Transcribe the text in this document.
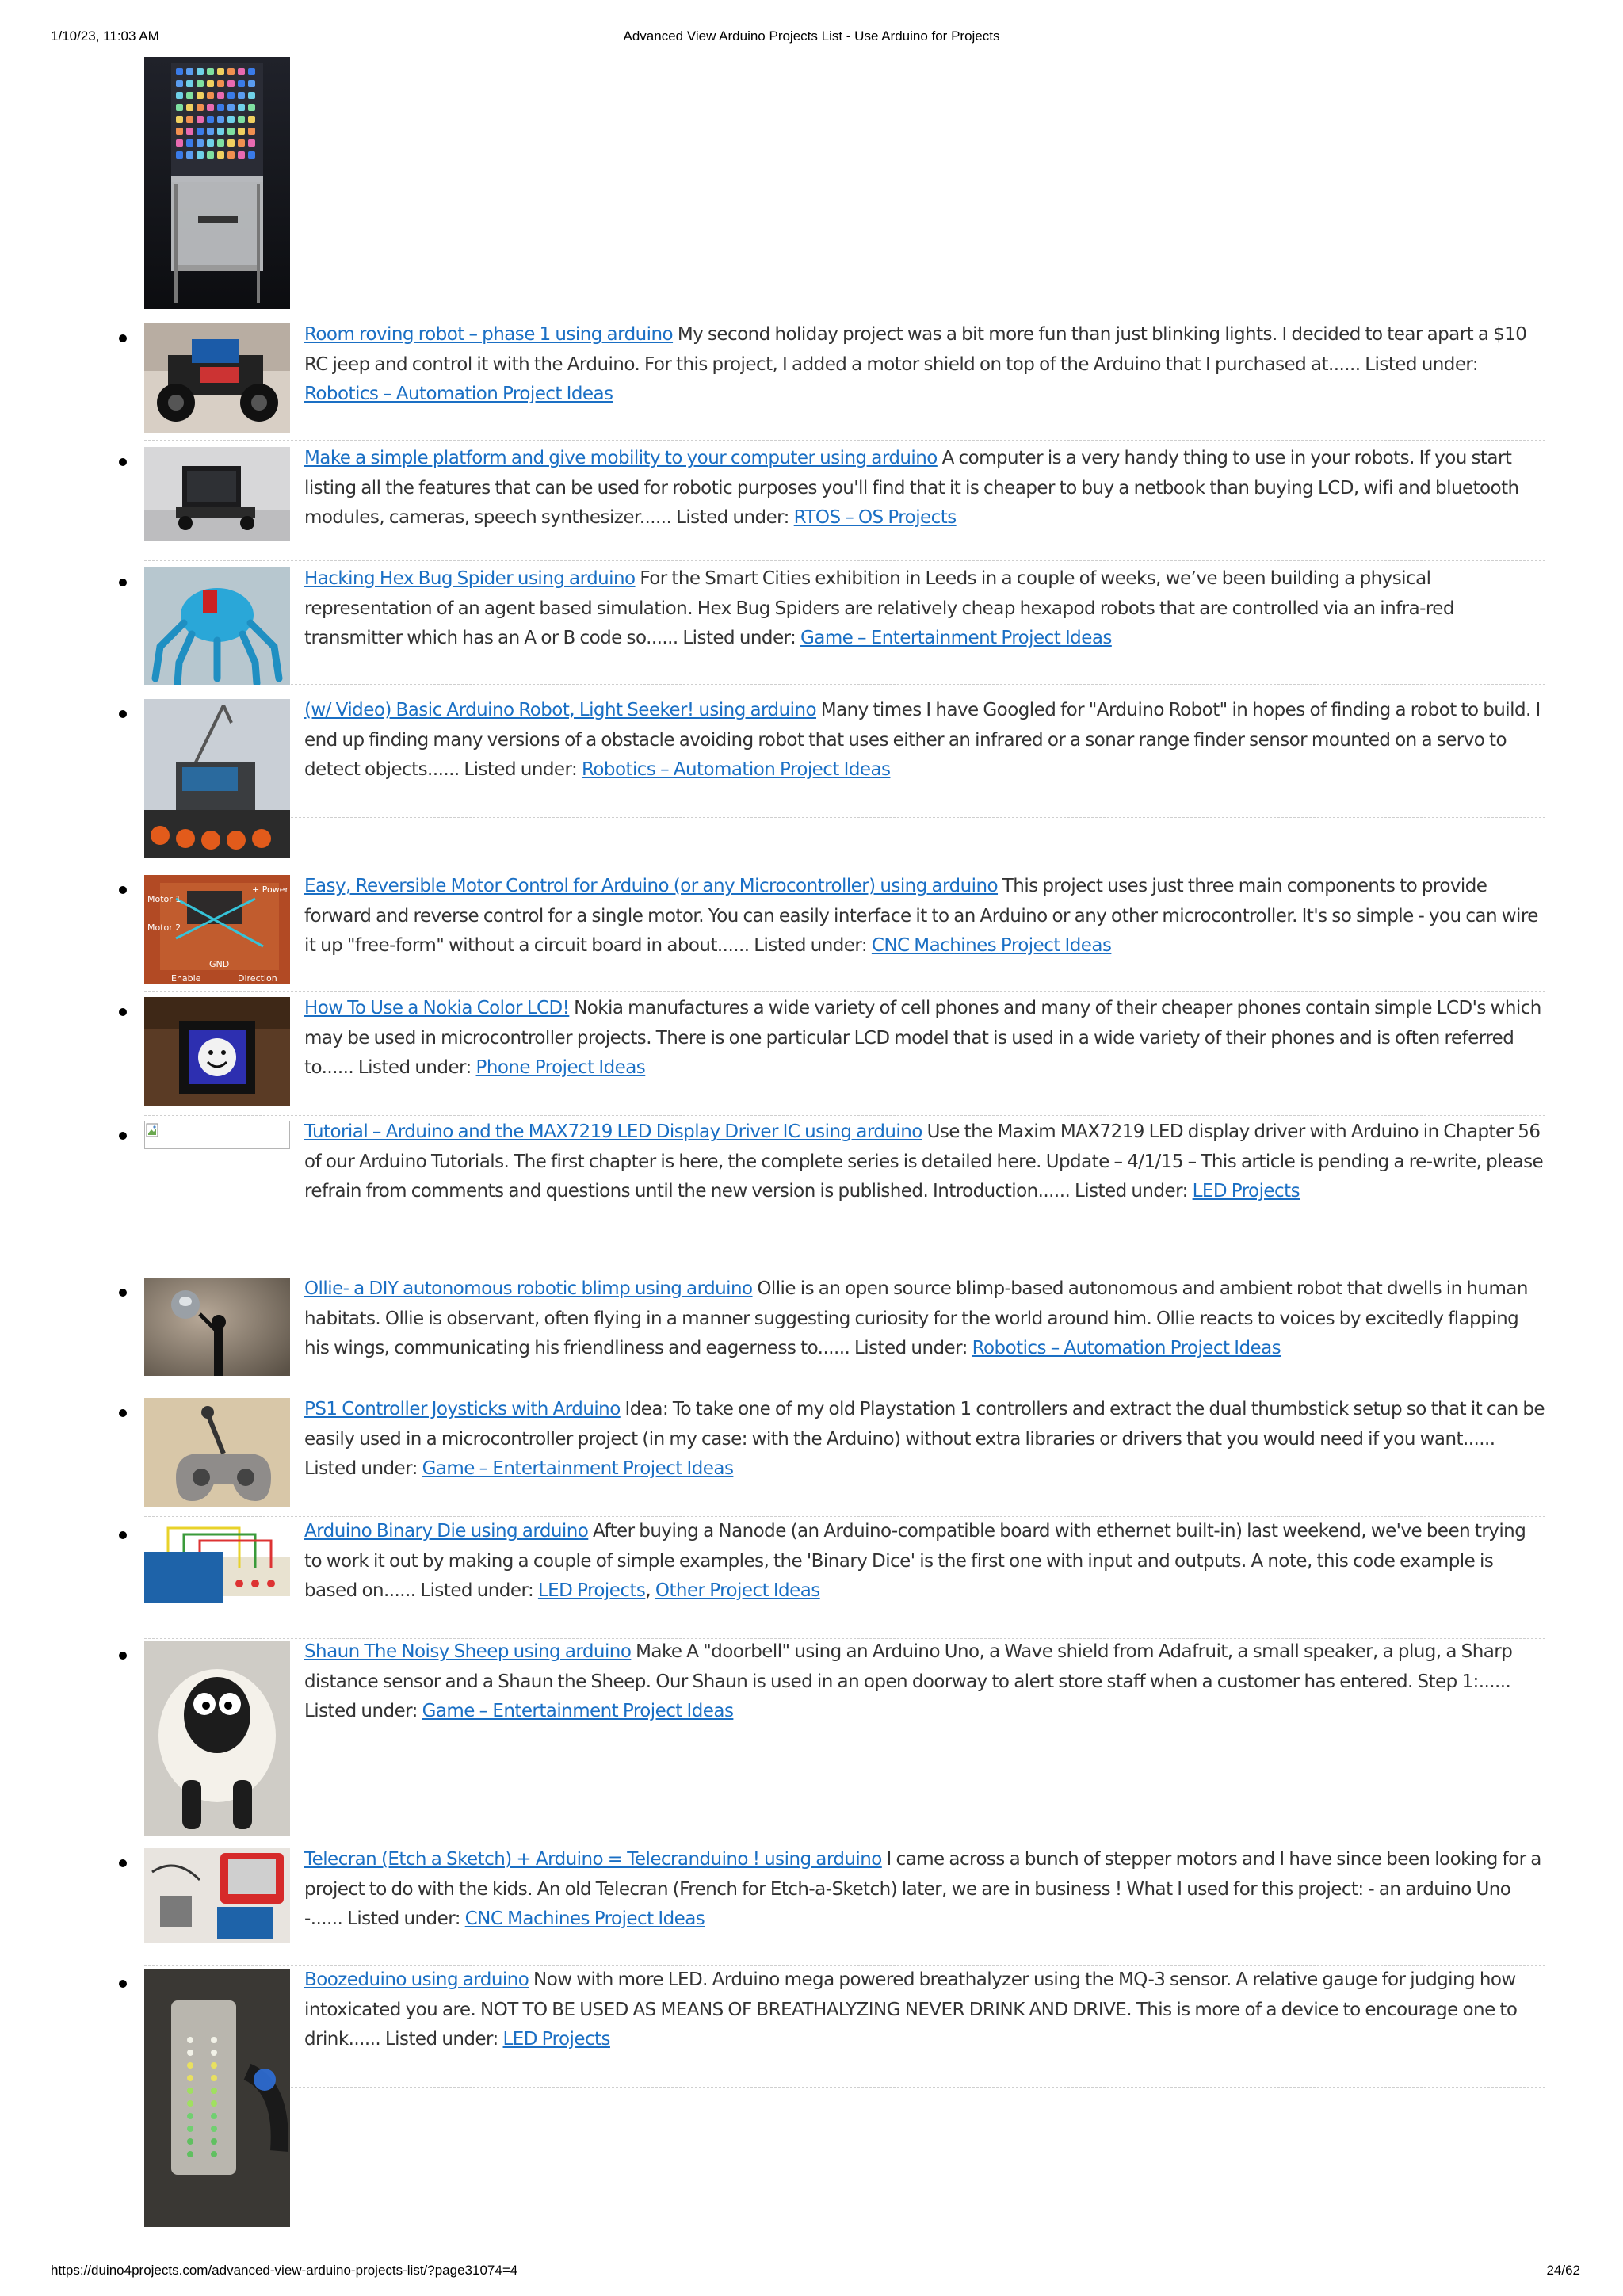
1/10/23, 11:03 AM	Advanced View Arduino Projects List - Use Arduino for Projects
Room roving robot – phase 1 using arduino My second holiday project was a bit more fun than just blinking lights. I decided to tear apart a $10 RC jeep and control it with the Arduino. For this project, I added a motor shield on top of the Arduino that I purchased at...... Listed under: Robotics – Automation Project Ideas
Make a simple platform and give mobility to your computer using arduino A computer is a very handy thing to use in your robots. If you start listing all the features that can be used for robotic purposes you'll find that it is cheaper to buy a netbook than buying LCD, wifi and bluetooth modules, cameras, speech synthesizer...... Listed under: RTOS – OS Projects
Hacking Hex Bug Spider using arduino For the Smart Cities exhibition in Leeds in a couple of weeks, we’ve been building a physical representation of an agent based simulation. Hex Bug Spiders are relatively cheap hexapod robots that are controlled via an infra-red transmitter which has an A or B code so...... Listed under: Game – Entertainment Project Ideas
(w/ Video) Basic Arduino Robot, Light Seeker! using arduino Many times I have Googled for "Arduino Robot" in hopes of finding a robot to build. I end up finding many versions of a obstacle avoiding robot that uses either an infrared or a sonar range finder sensor mounted on a servo to detect objects...... Listed under: Robotics – Automation Project Ideas
Motor 1
Motor 2
+ Power
GND
Enable	Direction
Easy, Reversible Motor Control for Arduino (or any Microcontroller) using arduino This project uses just three main components to provide forward and reverse control for a single motor. You can easily interface it to an Arduino or any other microcontroller. It's so simple - you can wire it up "free-form" without a circuit board in about...... Listed under: CNC Machines Project Ideas
How To Use a Nokia Color LCD! Nokia manufactures a wide variety of cell phones and many of their cheaper phones contain simple LCD's which may be used in microcontroller projects. There is one particular LCD model that is used in a wide variety of their phones and is often referred to...... Listed under: Phone Project Ideas
Tutorial – Arduino and the MAX7219 LED Display Driver IC using arduino Use the Maxim MAX7219 LED display driver with Arduino in Chapter 56 of our Arduino Tutorials. The first chapter is here, the complete series is detailed here. Update – 4/1/15 – This article is pending a re-write, please refrain from comments and questions until the new version is published. Introduction...... Listed under: LED Projects
Ollie- a DIY autonomous robotic blimp using arduino Ollie is an open source blimp-based autonomous and ambient robot that dwells in human habitats. Ollie is observant, often flying in a manner suggesting curiosity for the world around him. Ollie reacts to voices by excitedly flapping his wings, communicating his friendliness and eagerness to...... Listed under: Robotics – Automation Project Ideas
PS1 Controller Joysticks with Arduino Idea: To take one of my old Playstation 1 controllers and extract the dual thumbstick setup so that it can be easily used in a microcontroller project (in my case: with the Arduino) without extra libraries or drivers that you would need if you want...... Listed under: Game – Entertainment Project Ideas
Arduino Binary Die using arduino After buying a Nanode (an Arduino-compatible board with ethernet built-in) last weekend, we've been trying to work it out by making a couple of simple examples, the 'Binary Dice' is the first one with input and outputs. A note, this code example is based on...... Listed under: LED Projects, Other Project Ideas
Shaun The Noisy Sheep using arduino Make A "doorbell" using an Arduino Uno, a Wave shield from Adafruit, a small speaker, a plug, a Sharp distance sensor and a Shaun the Sheep. Our Shaun is used in an open doorway to alert store staff when a customer has entered. Step 1:...... Listed under: Game – Entertainment Project Ideas
Telecran (Etch a Sketch) + Arduino = Telecranduino ! using arduino I came across a bunch of stepper motors and I have since been looking for a project to do with the kids. An old Telecran (French for Etch-a-Sketch) later, we are in business ! What I used for this project: - an arduino Uno -...... Listed under: CNC Machines Project Ideas
Boozeduino using arduino Now with more LED. Arduino mega powered breathalyzer using the MQ-3 sensor. A relative gauge for judging how intoxicated you are. NOT TO BE USED AS MEANS OF BREATHALYZING NEVER DRINK AND DRIVE. This is more of a device to encourage one to drink...... Listed under: LED Projects
https://duino4projects.com/advanced-view-arduino-projects-list/?page31074=4	24/62
